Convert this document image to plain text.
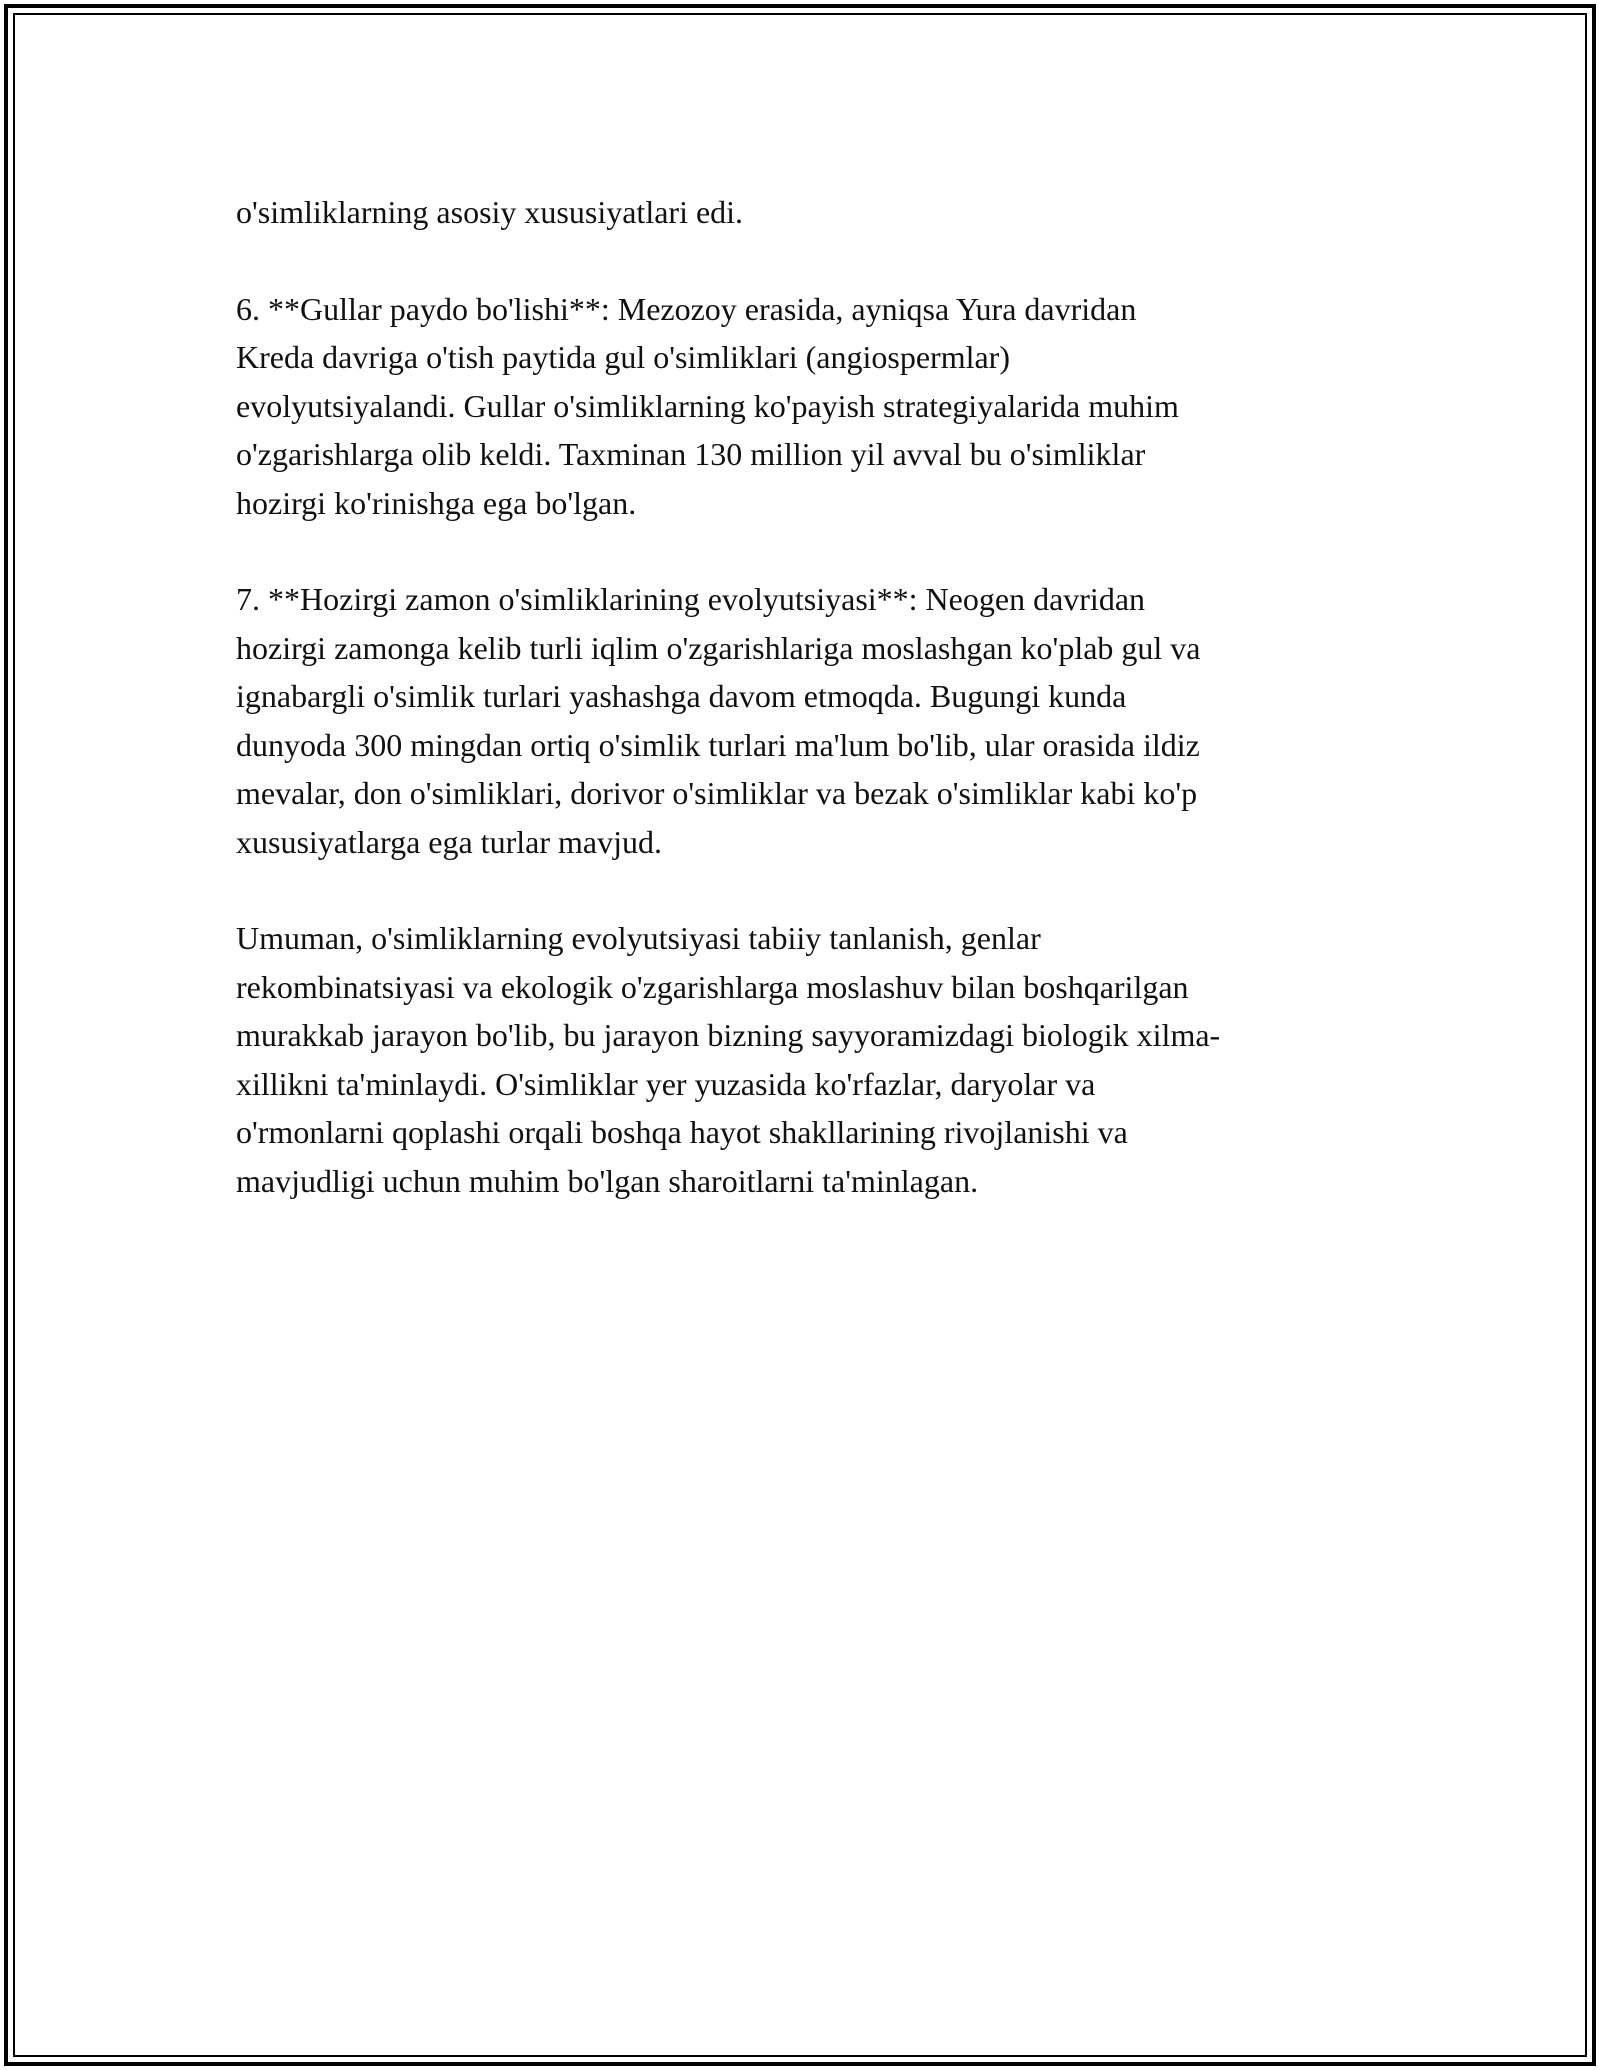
o'simliklarning asosiy xususiyatlari edi.

6. **Gullar paydo bo'lishi**: Mezozoy erasida, ayniqsa Yura davridan
Kreda davriga o'tish paytida gul o'simliklari (angiospermlar)
evolyutsiyalandi. Gullar o'simliklarning ko'payish strategiyalarida muhim
o'zgarishlarga olib keldi. Taxminan 130 million yil avval bu o'simliklar
hozirgi ko'rinishga ega bo'lgan.

7. **Hozirgi zamon o'simliklarining evolyutsiyasi**: Neogen davridan
hozirgi zamonga kelib turli iqlim o'zgarishlariga moslashgan ko'plab gul va
ignabargli o'simlik turlari yashashga davom etmoqda. Bugungi kunda
dunyoda 300 mingdan ortiq o'simlik turlari ma'lum bo'lib, ular orasida ildiz
mevalar, don o'simliklari, dorivor o'simliklar va bezak o'simliklar kabi ko'p
xususiyatlarga ega turlar mavjud.

Umuman, o'simliklarning evolyutsiyasi tabiiy tanlanish, genlar
rekombinatsiyasi va ekologik o'zgarishlarga moslashuv bilan boshqarilgan
murakkab jarayon bo'lib, bu jarayon bizning sayyoramizdagi biologik xilma-
xillikni ta'minlaydi. O'simliklar yer yuzasida ko'rfazlar, daryolar va
o'rmonlarni qoplashi orqali boshqa hayot shakllarining rivojlanishi va
mavjudligi uchun muhim bo'lgan sharoitlarni ta'minlagan.
